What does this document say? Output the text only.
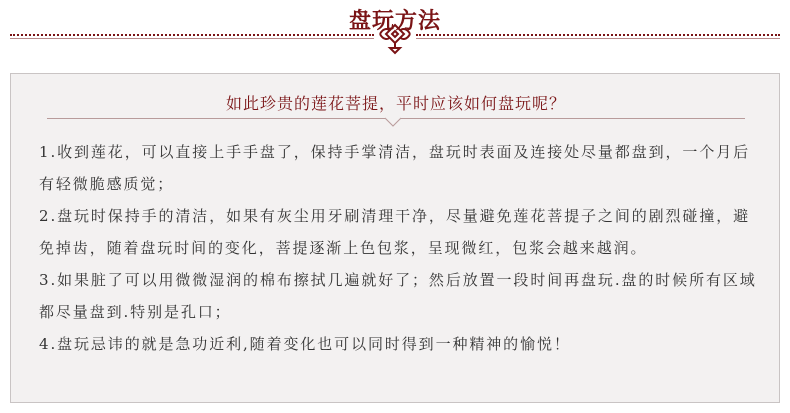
盘玩方法
如此珍贵的莲花菩提，平时应该如何盘玩呢？

1.收到莲花，可以直接上手手盘了，保持手掌清洁，盘玩时表面及连接处尽量都盘到，一个月后有轻微脆感质觉；

2.盘玩时保持手的清洁，如果有灰尘用牙刷清理干净，尽量避免莲花菩提子之间的剧烈碰撞，避免掉齿，随着盘玩时间的变化，菩提逐渐上色包浆，呈现微红，包浆会越来越润。

3.如果脏了可以用微微湿润的棉布擦拭几遍就好了；然后放置一段时间再盘玩.盘的时候所有区域都尽量盘到.特别是孔口；

4.盘玩忌讳的就是急功近利,随着变化也可以同时得到一种精神的愉悦！
